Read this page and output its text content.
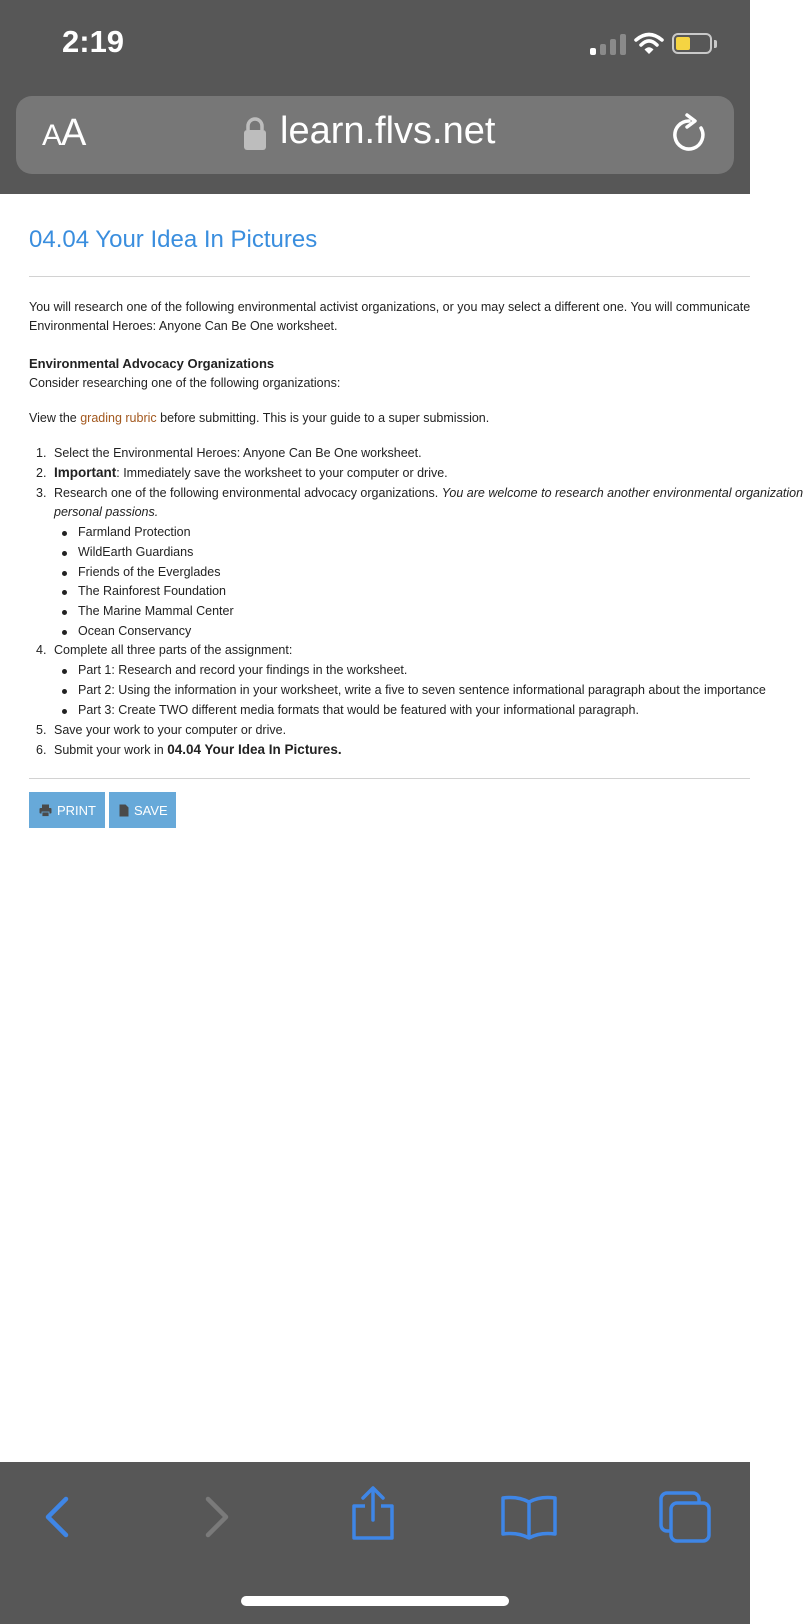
2:19
AA	learn.flvs.net
04.04 Your Idea In Pictures
You will research one of the following environmental activist organizations, or you may select a different one. You will communicate
Environmental Heroes: Anyone Can Be One worksheet.
Environmental Advocacy Organizations
Consider researching one of the following organizations:
View the grading rubric before submitting. This is your guide to a super submission.
1. Select the Environmental Heroes: Anyone Can Be One worksheet.
2. Important: Immediately save the worksheet to your computer or drive.
3. Research one of the following environmental advocacy organizations. You are welcome to research another environmental organization
personal passions.
Farmland Protection
WildEarth Guardians
Friends of the Everglades
The Rainforest Foundation
The Marine Mammal Center
Ocean Conservancy
4. Complete all three parts of the assignment:
Part 1: Research and record your findings in the worksheet.
Part 2: Using the information in your worksheet, write a five to seven sentence informational paragraph about the importance
Part 3: Create TWO different media formats that would be featured with your informational paragraph.
5. Save your work to your computer or drive.
6. Submit your work in 04.04 Your Idea In Pictures.
PRINT	SAVE
